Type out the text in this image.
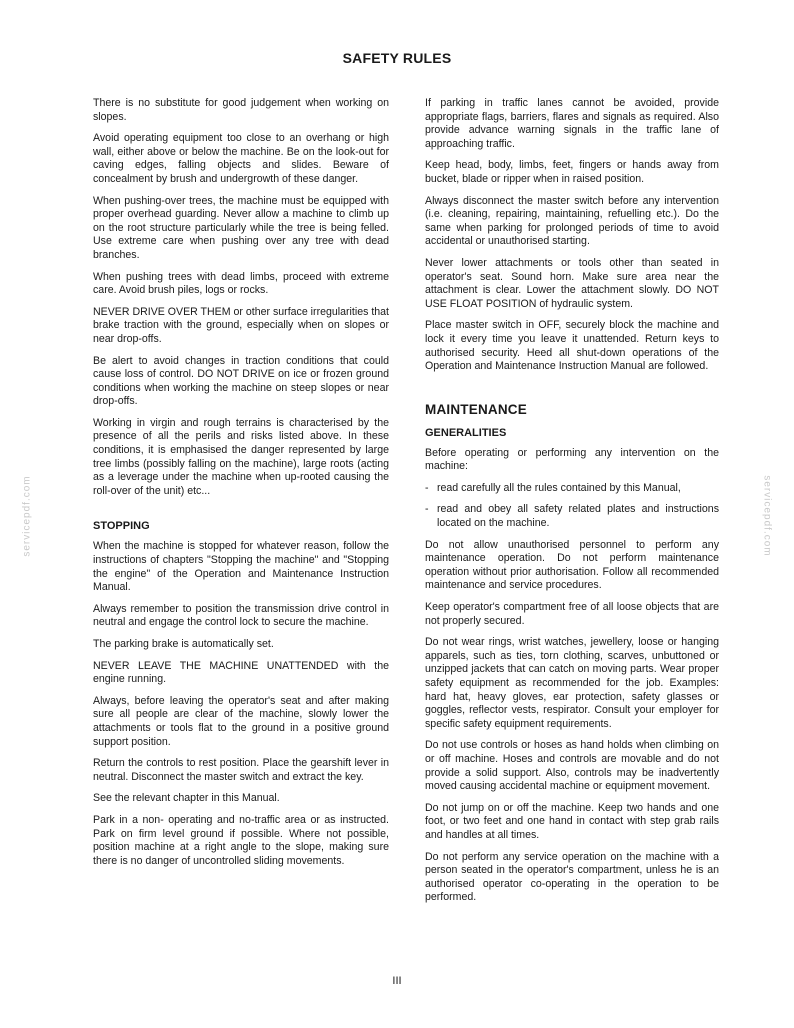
SAFETY RULES
servicepdf.com	servicepdf.com

There is no substitute for good judgement when working on slopes.

Avoid operating equipment too close to an overhang or high wall, either above or below the machine. Be on the look-out for caving edges, falling objects and slides. Beware of concealment by brush and undergrowth of these danger.

When pushing-over trees, the machine must be equipped with proper overhead guarding. Never allow a machine to climb up on the root structure particularly while the tree is being felled. Use extreme care when pushing over any tree with dead branches.

When pushing trees with dead limbs, proceed with extreme care. Avoid brush piles, logs or rocks.

NEVER DRIVE OVER THEM or other surface irregularities that brake traction with the ground, especially when on slopes or near drop-offs.

Be alert to avoid changes in traction conditions that could cause loss of control. DO NOT DRIVE on ice or frozen ground conditions when working the machine on steep slopes or near drop-offs.

Working in virgin and rough terrains is characterised by the presence of all the perils and risks listed above. In these conditions, it is emphasised the danger represented by large tree limbs (possibly falling on the machine), large roots (acting as a leverage under the machine when up-rooted causing the roll-over of the unit) etc...

STOPPING

When the machine is stopped for whatever reason, follow the instructions of chapters "Stopping the machine" and "Stopping the engine" of the Operation and Maintenance Instruction Manual.

Always remember to position the transmission drive control in neutral and engage the control lock to secure the machine.

The parking brake is automatically set.

NEVER LEAVE THE MACHINE UNATTENDED with the engine running.

Always, before leaving the operator's seat and after making sure all people are clear of the machine, slowly lower the attachments or tools flat to the ground in a positive ground support position.

Return the controls to rest position. Place the gearshift lever in neutral. Disconnect the master switch and extract the key.

See the relevant chapter in this Manual.

Park in a non- operating and no-traffic area or as instructed. Park on firm level ground if possible. Where not possible, position machine at a right angle to the slope, making sure there is no danger of uncontrolled sliding movements.

If parking in traffic lanes cannot be avoided, provide appropriate flags, barriers, flares and signals as required. Also provide advance warning signals in the traffic lane of approaching traffic.

Keep head, body, limbs, feet, fingers or hands away from bucket, blade or ripper when in raised position.

Always disconnect the master switch before any intervention (i.e. cleaning, repairing, maintaining, refuelling etc.). Do the same when parking for prolonged periods of time to avoid accidental or unauthorised starting.

Never lower attachments or tools other than seated in operator's seat. Sound horn. Make sure area near the attachment is clear. Lower the attachment slowly. DO NOT USE FLOAT POSITION of hydraulic system.

Place master switch in OFF, securely block the machine and lock it every time you leave it unattended. Return keys to authorised security. Heed all shut-down operations of the Operation and Maintenance Instruction Manual are followed.

MAINTENANCE
GENERALITIES

Before operating or performing any intervention on the machine:

- read carefully all the rules contained by this Manual,

- read and obey all safety related plates and instructions located on the machine.

Do not allow unauthorised personnel to perform any maintenance operation. Do not perform maintenance operation without prior authorisation. Follow all recommended maintenance and service procedures.

Keep operator's compartment free of all loose objects that are not properly secured.

Do not wear rings, wrist watches, jewellery, loose or hanging apparels, such as ties, torn clothing, scarves, unbuttoned or unzipped jackets that can catch on moving parts. Wear proper safety equipment as recommended for the job. Examples: hard hat, heavy gloves, ear protection, safety glasses or goggles, reflector vests, respirator. Consult your employer for specific safety equipment requirements.

Do not use controls or hoses as hand holds when climbing on or off machine. Hoses and controls are movable and do not provide a solid support. Also, controls may be inadvertently moved causing accidental machine or equipment movement.

Do not jump on or off the machine. Keep two hands and one foot, or two feet and one hand in contact with step grab rails and handles at all times.

Do not perform any service operation on the machine with a person seated in the operator's compartment, unless he is an authorised operator co-operating in the operation to be performed.

III
